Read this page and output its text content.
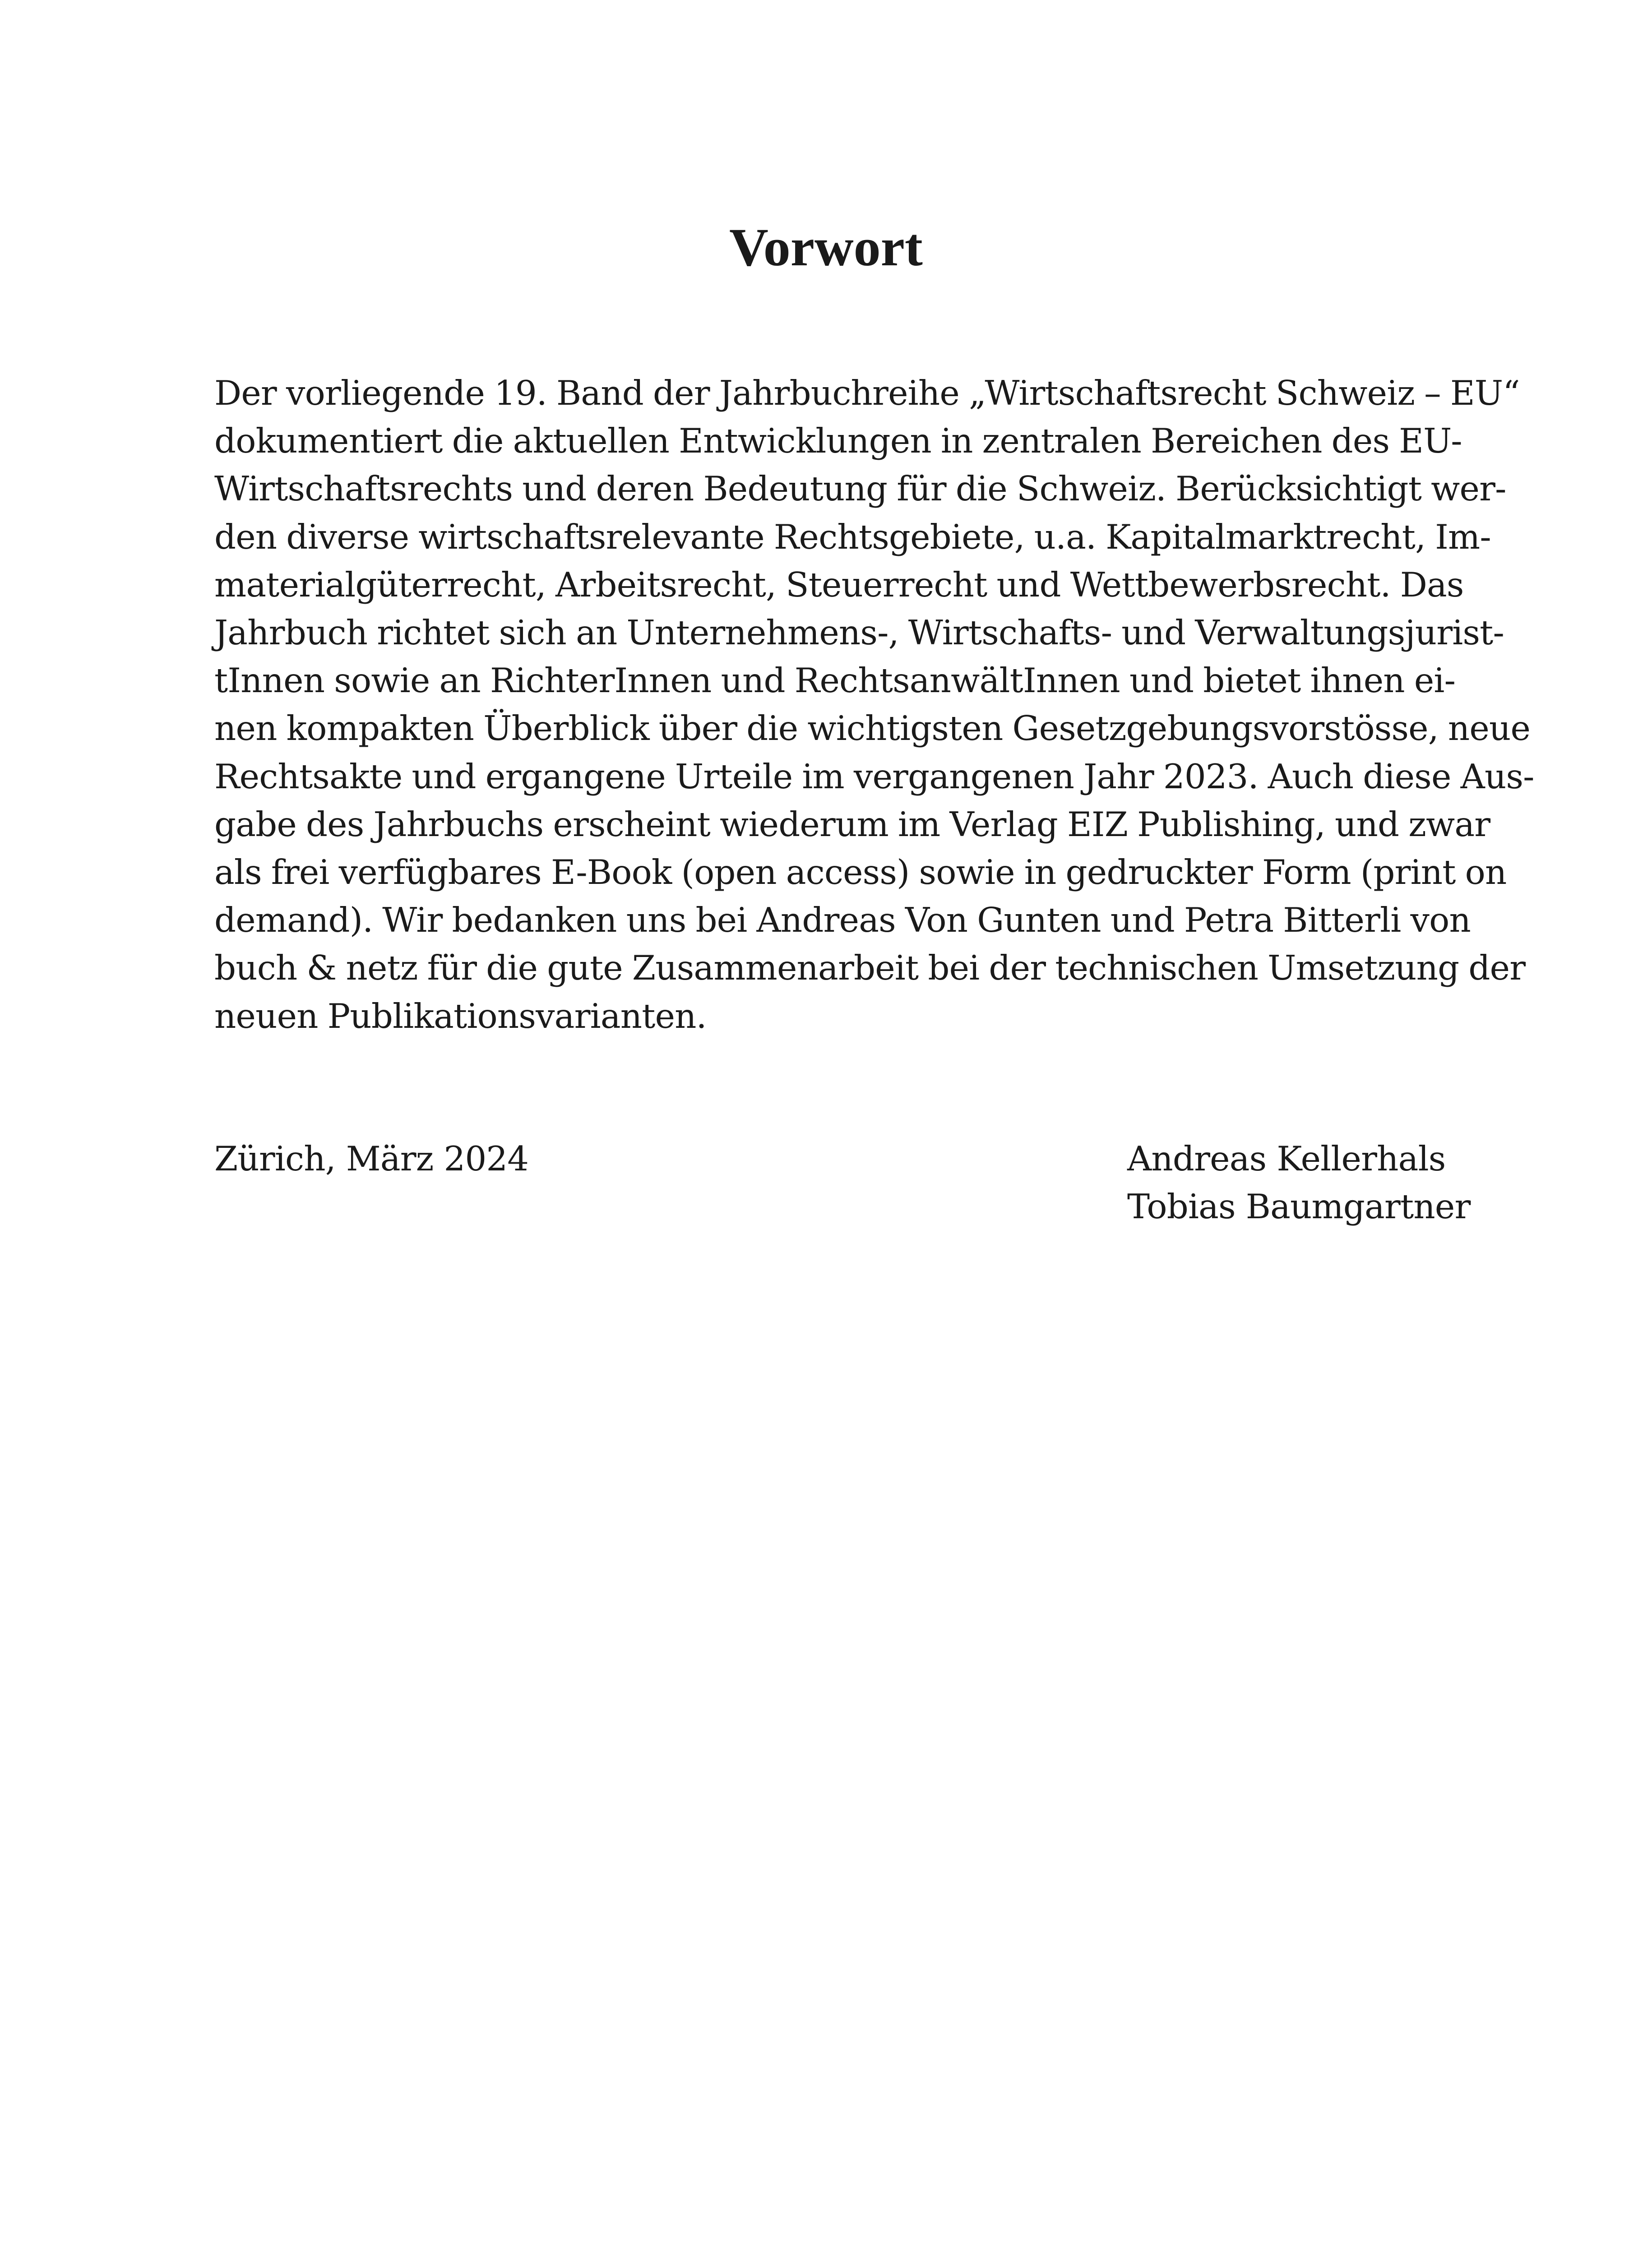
Vorwort
Der vorliegende 19. Band der Jahrbuchreihe „Wirtschaftsrecht Schweiz – EU“
dokumentiert die aktuellen Entwicklungen in zentralen Bereichen des EU-
Wirtschaftsrechts und deren Bedeutung für die Schweiz. Berücksichtigt wer-
den diverse wirtschaftsrelevante Rechtsgebiete, u.a. Kapitalmarktrecht, Im-
materialgüterrecht, Arbeitsrecht, Steuerrecht und Wettbewerbsrecht. Das
Jahrbuch richtet sich an Unternehmens-, Wirtschafts- und Verwaltungsjurist-
tInnen sowie an RichterInnen und RechtsanwältInnen und bietet ihnen ei-
nen kompakten Überblick über die wichtigsten Gesetzgebungsvorstösse, neue
Rechtsakte und ergangene Urteile im vergangenen Jahr 2023. Auch diese Aus-
gabe des Jahrbuchs erscheint wiederum im Verlag EIZ Publishing, und zwar
als frei verfügbares E-Book (open access) sowie in gedruckter Form (print on
demand). Wir bedanken uns bei Andreas Von Gunten und Petra Bitterli von
buch & netz für die gute Zusammenarbeit bei der technischen Umsetzung der
neuen Publikationsvarianten.
Zürich, März 2024	Andreas Kellerhals
Tobias Baumgartner
